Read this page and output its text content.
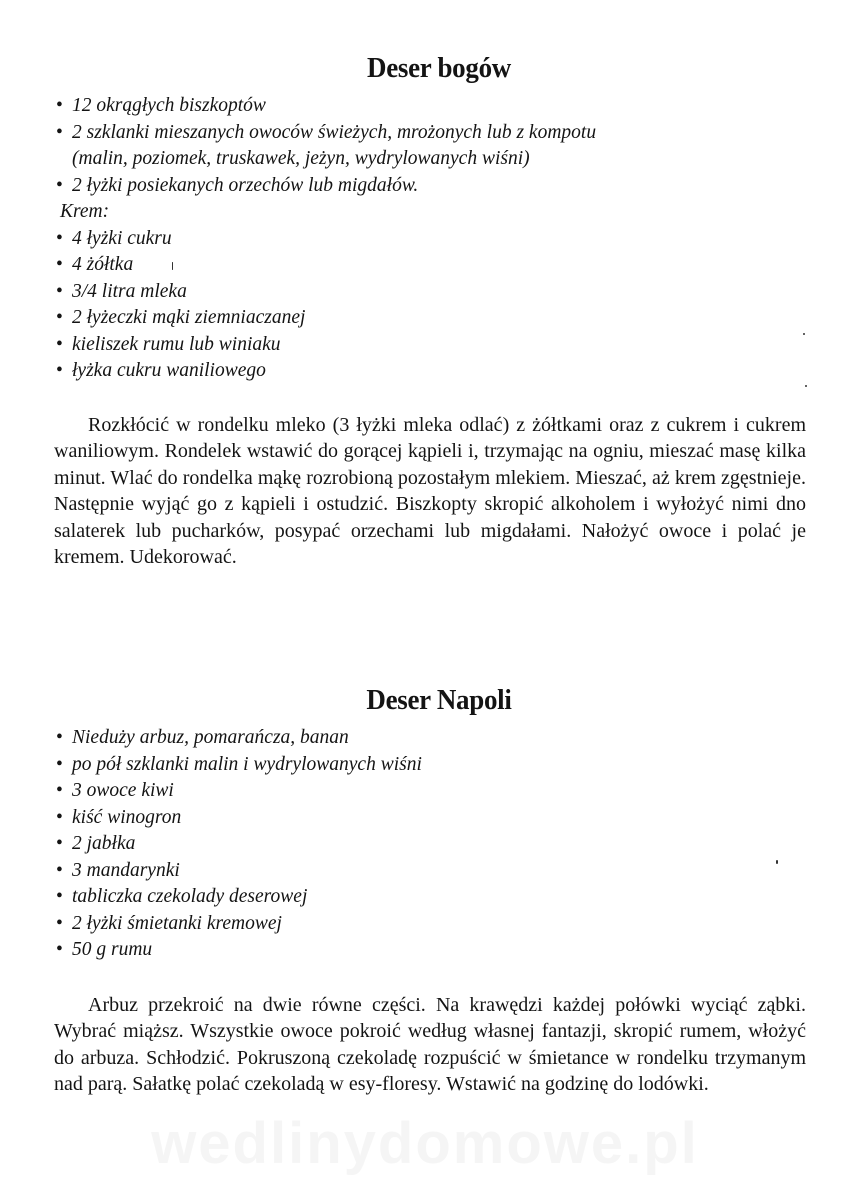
Deser bogów
• 12 okrągłych biszkoptów
• 2 szklanki mieszanych owoców świeżych, mrożonych lub z kompotu
(malin, poziomek, truskawek, jeżyn, wydrylowanych wiśni)
• 2 łyżki posiekanych orzechów lub migdałów.
Krem:
• 4 łyżki cukru
• 4 żółtka
• 3/4 litra mleka
• 2 łyżeczki mąki ziemniaczanej
• kieliszek rumu lub winiaku
• łyżka cukru waniliowego

Rozkłócić w rondelku mleko (3 łyżki mleka odlać) z żółtkami oraz z cukrem i cukrem waniliowym. Rondelek wstawić do gorącej kąpieli i, trzymając na ogniu, mieszać masę kilka minut. Wlać do rondelka mąkę rozrobioną pozostałym mlekiem. Mieszać, aż krem zgęstnieje. Następnie wyjąć go z kąpieli i ostudzić. Biszkopty skropić alkoholem i wyłożyć nimi dno salaterek lub pucharków, posypać orzechami lub migdałami. Nałożyć owoce i polać je kremem. Udekorować.

Deser Napoli
• Nieduży arbuz, pomarańcza, banan
• po pół szklanki malin i wydrylowanych wiśni
• 3 owoce kiwi
• kiść winogron
• 2 jabłka
• 3 mandarynki
• tabliczka czekolady deserowej
• 2 łyżki śmietanki kremowej
• 50 g rumu

Arbuz przekroić na dwie równe części. Na krawędzi każdej połówki wyciąć ząbki. Wybrać miąższ. Wszystkie owoce pokroić według własnej fantazji, skropić rumem, włożyć do arbuza. Schłodzić. Pokruszoną czekoladę rozpuścić w śmietance w rondelku trzymanym nad parą. Sałatkę polać czekoladą w esy-floresy. Wstawić na godzinę do lodówki.

wedlinydomowe.pl
